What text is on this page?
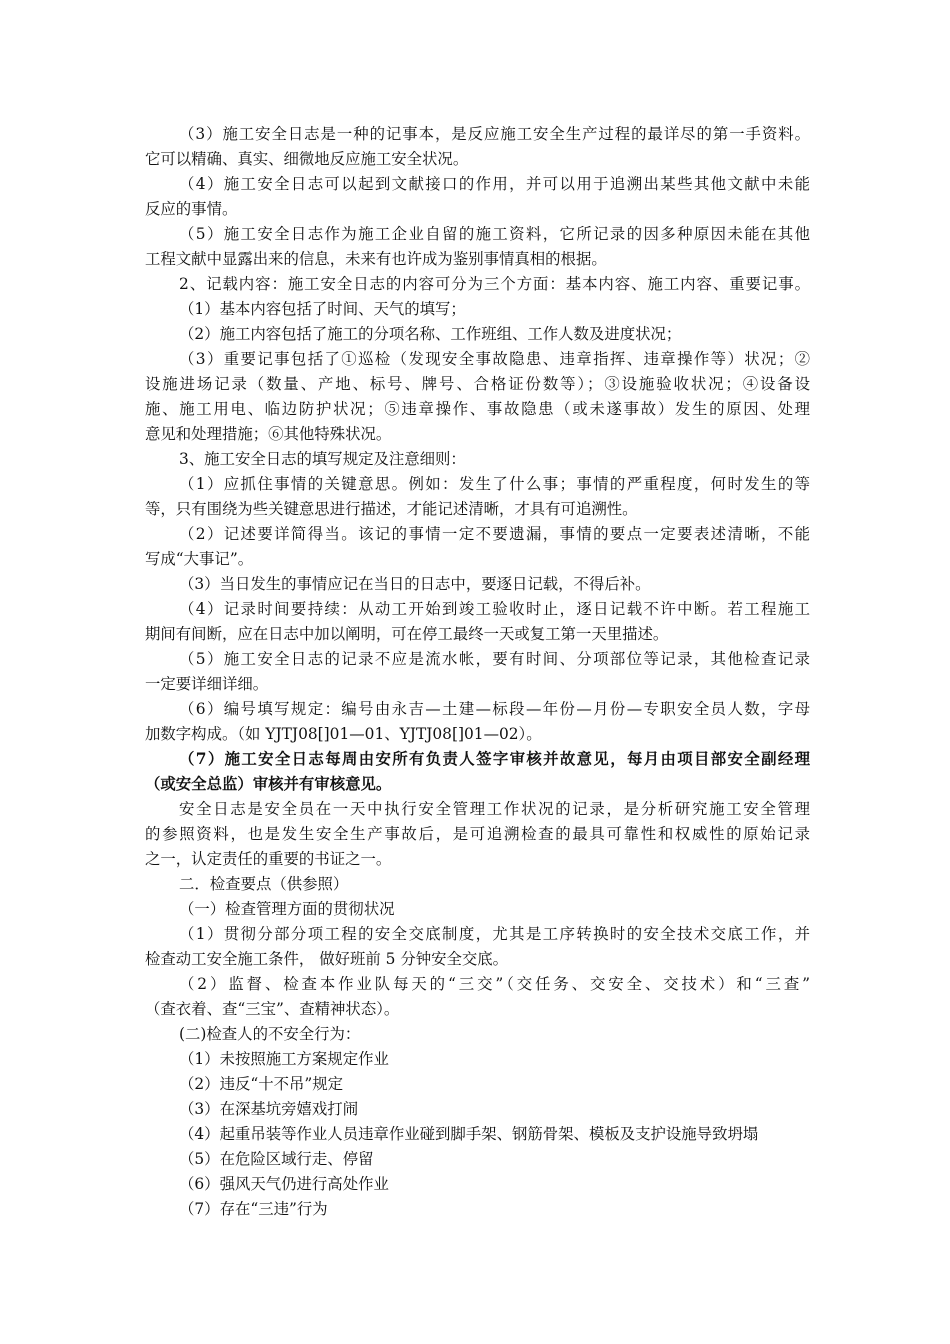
（3）施工安全日志是一种的记事本，是反应施工安全生产过程的最详尽的第一手资料。
它可以精确、真实、细微地反应施工安全状况。
（4）施工安全日志可以起到文献接口的作用，并可以用于追溯出某些其他文献中未能
反应的事情。
（5）施工安全日志作为施工企业自留的施工资料，它所记录的因多种原因未能在其他
工程文献中显露出来的信息，未来有也许成为鉴别事情真相的根据。
2、记载内容：施工安全日志的内容可分为三个方面：基本内容、施工内容、重要记事。
（1）基本内容包括了时间、天气的填写；
（2）施工内容包括了施工的分项名称、工作班组、工作人数及进度状况；
（3）重要记事包括了①巡检（发现安全事故隐患、违章指挥、违章操作等）状况；②
设施进场记录（数量、产地、标号、牌号、合格证份数等）；③设施验收状况；④设备设
施、施工用电、临边防护状况；⑤违章操作、事故隐患（或未遂事故）发生的原因、处理
意见和处理措施；⑥其他特殊状况。
3、施工安全日志的填写规定及注意细则：
（1）应抓住事情的关键意思。例如：发生了什么事；事情的严重程度，何时发生的等
等，只有围绕为些关键意思进行描述，才能记述清晰，才具有可追溯性。
（2）记述要详简得当。该记的事情一定不要遗漏，事情的要点一定要表述清晰，不能
写成“大事记”。
（3）当日发生的事情应记在当日的日志中，要逐日记载，不得后补。
（4）记录时间要持续：从动工开始到竣工验收时止，逐日记载不许中断。若工程施工
期间有间断，应在日志中加以阐明，可在停工最终一天或复工第一天里描述。
（5）施工安全日志的记录不应是流水帐，要有时间、分项部位等记录，其他检查记录
一定要详细详细。
（6）编号填写规定：编号由永吉—土建—标段—年份—月份—专职安全员人数，字母
加数字构成。（如 YJTJ08[]01—01、YJTJ08[]01—02）。
（7）施工安全日志每周由安所有负责人签字审核并故意见，每月由项目部安全副经理
（或安全总监）审核并有审核意见。
安全日志是安全员在一天中执行安全管理工作状况的记录，是分析研究施工安全管理
的参照资料，也是发生安全生产事故后，是可追溯检查的最具可靠性和权威性的原始记录
之一，认定责任的重要的书证之一。
二．检查要点（供参照）
（一）检查管理方面的贯彻状况
（1）贯彻分部分项工程的安全交底制度，尤其是工序转换时的安全技术交底工作，并
检查动工安全施工条件， 做好班前 5 分钟安全交底。
（2）监督、检查本作业队每天的“三交”（交任务、交安全、交技术）和“三查”
（查衣着、查“三宝”、查精神状态）。
(二)检查人的不安全行为：
（1）未按照施工方案规定作业
（2）违反“十不吊”规定
（3）在深基坑旁嬉戏打闹
（4）起重吊装等作业人员违章作业碰到脚手架、钢筋骨架、模板及支护设施导致坍塌
（5）在危险区域行走、停留
（6）强风天气仍进行高处作业
（7）存在“三违”行为
